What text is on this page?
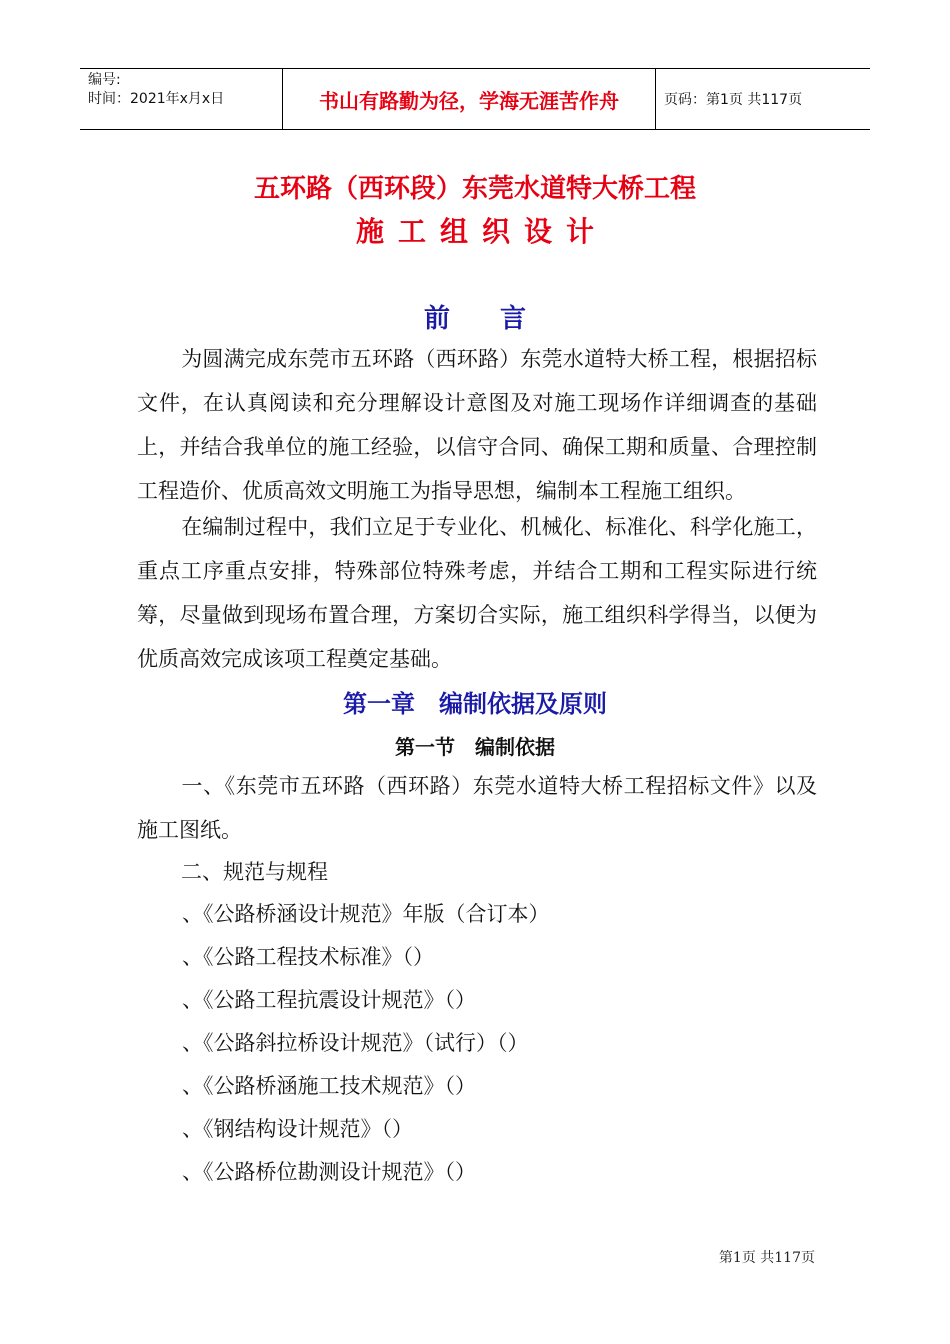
编号:
时间：2021年x月x日	书山有路勤为径，学海无涯苦作舟	页码：第1页 共117页
五环路（西环段）东莞水道特大桥工程
施工组织设计
前言
为圆满完成东莞市五环路（西环路）东莞水道特大桥工程，根据招标文件，在认真阅读和充分理解设计意图及对施工现场作详细调查的基础上，并结合我单位的施工经验，以信守合同、确保工期和质量、合理控制工程造价、优质高效文明施工为指导思想，编制本工程施工组织。
在编制过程中，我们立足于专业化、机械化、标准化、科学化施工，重点工序重点安排，特殊部位特殊考虑，并结合工期和工程实际进行统筹，尽量做到现场布置合理，方案切合实际，施工组织科学得当，以便为优质高效完成该项工程奠定基础。
第一章　编制依据及原则
第一节　编制依据
一、《东莞市五环路（西环路）东莞水道特大桥工程招标文件》以及施工图纸。
二、规范与规程
、《公路桥涵设计规范》年版（合订本）
、《公路工程技术标准》（）
、《公路工程抗震设计规范》（）
、《公路斜拉桥设计规范》（试行）（）
、《公路桥涵施工技术规范》（）
、《钢结构设计规范》（）
、《公路桥位勘测设计规范》（）
第1页 共117页
